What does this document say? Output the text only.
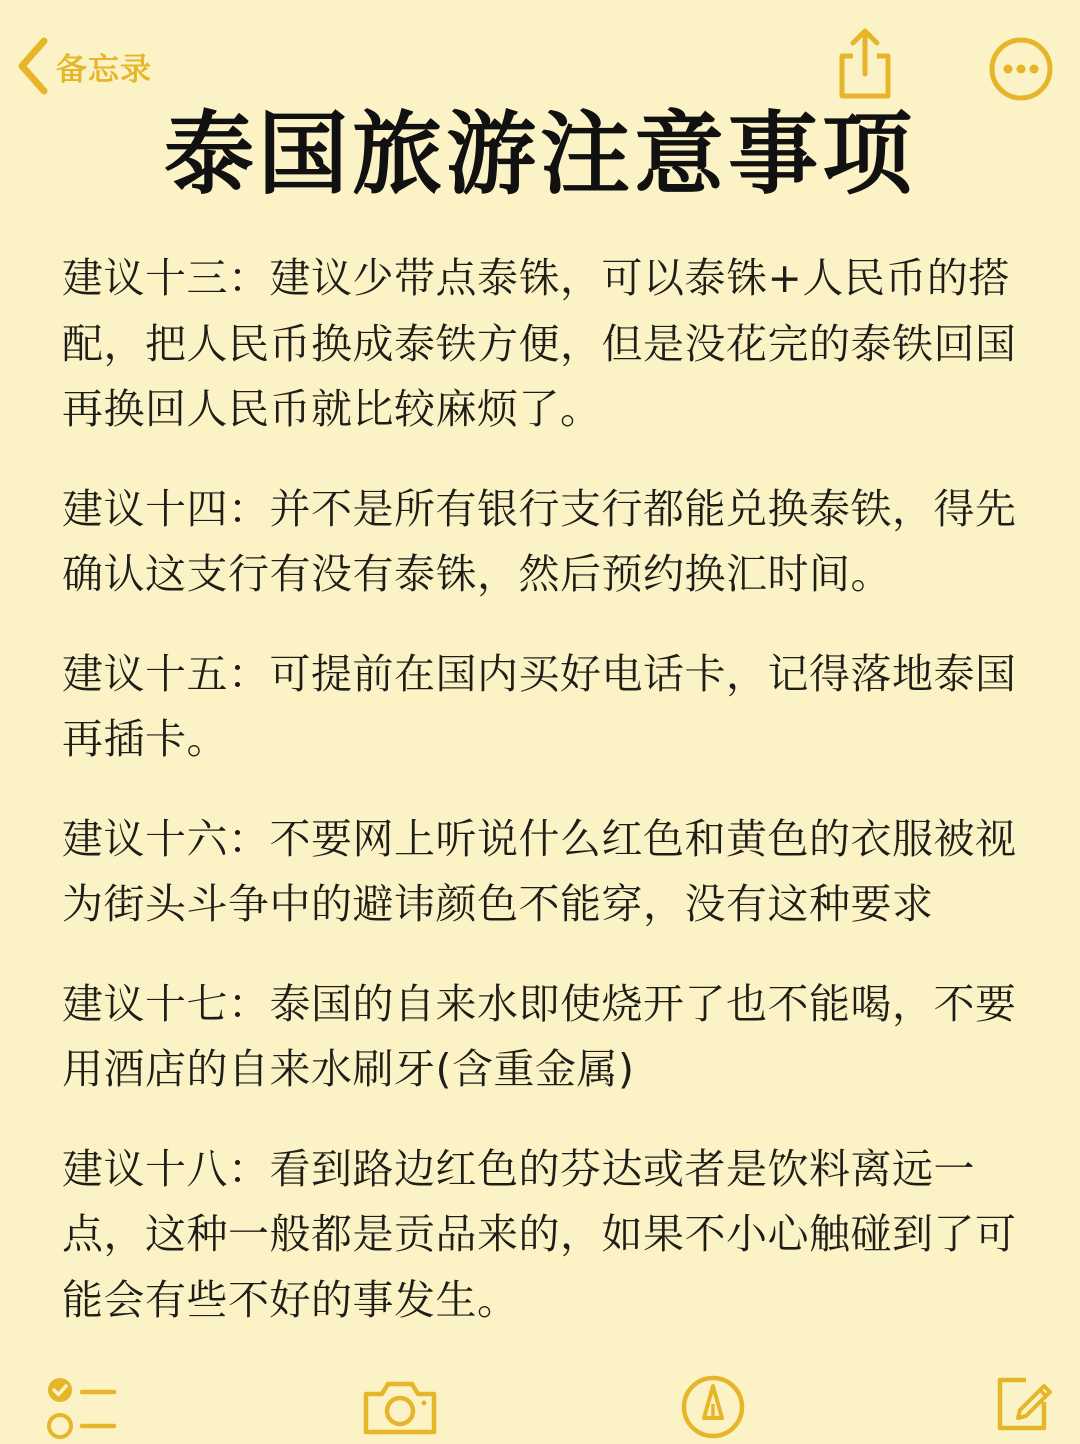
备忘录
泰国旅游注意事项

建议十三：建议少带点泰铢，可以泰铢+人民币的搭配，把人民币换成泰铁方便，但是没花完的泰铁回国再换回人民币就比较麻烦了。

建议十四：并不是所有银行支行都能兑换泰铁，得先确认这支行有没有泰铢，然后预约换汇时间。

建议十五：可提前在国内买好电话卡，记得落地泰国再插卡。

建议十六：不要网上听说什么红色和黄色的衣服被视为街头斗争中的避讳颜色不能穿，没有这种要求

建议十七：泰国的自来水即使烧开了也不能喝，不要用酒店的自来水刷牙(含重金属)

建议十八：看到路边红色的芬达或者是饮料离远一点，这种一般都是贡品来的，如果不小心触碰到了可能会有些不好的事发生。
